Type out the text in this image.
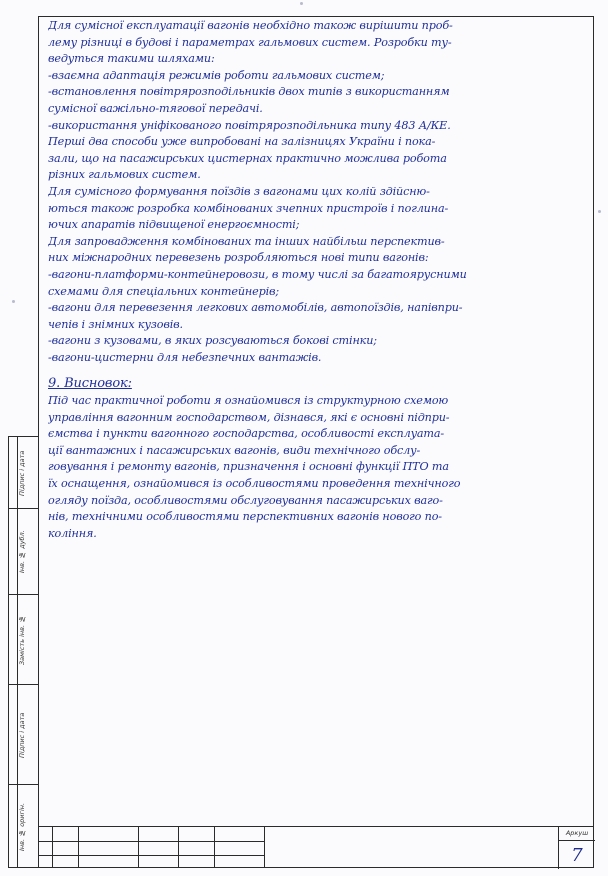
Підпис і дата
Інв. № дубл.
Замість інв. №
Підпис і дата
Інв. № оригін.	Аркуш
7
Для сумісної експлуатації вагонів необхідно також вирішити проб-
лему різниці в будові і параметрах гальмових систем. Розробки ту-
ведуться такими шляхами:
-взаємна адаптація режимів роботи гальмових систем;
-встановлення повітрярозподільників двох типів з використанням
сумісної важільно-тягової передачі.
-використання уніфікованого повітрярозподільника типу 483 А/КЕ.
Перші два способи уже випробовані на залізницях України і пока-
зали, що на пасажирських цистернах практично можлива робота
різних гальмових систем.
Для сумісного формування поїздів з вагонами цих колій здійсню-
ються також розробка комбінованих зчепних пристроїв і поглина-
ючих апаратів підвищеної енергоємності;
Для запровадження комбінованих та інших найбільш перспектив-
них міжнародних перевезень розробляються нові типи вагонів:
-вагони-платформи-контейнеровози, в тому числі за багатоярусними
схемами для спеціальних контейнерів;
-вагони для перевезення легкових автомобілів, автопоїздів, напівпри-
чепів і знімних кузовів.
-вагони з кузовами, в яких розсуваються бокові стінки;
-вагони-цистерни для небезпечних вантажів.
9. Висновок:
Під час практичної роботи я ознайомився із структурною схемою
управління вагонним господарством, дізнався, які є основні підпри-
ємства і пункти вагонного господарства, особливості експлуата-
ції вантажних і пасажирських вагонів, види технічного обслу-
говування і ремонту вагонів, призначення і основні функції ПТО та
їх оснащення, ознайомився із особливостями проведення технічного
огляду поїзда, особливостями обслуговування пасажирських ваго-
нів, технічними особливостями перспективних вагонів нового по-
коління.
